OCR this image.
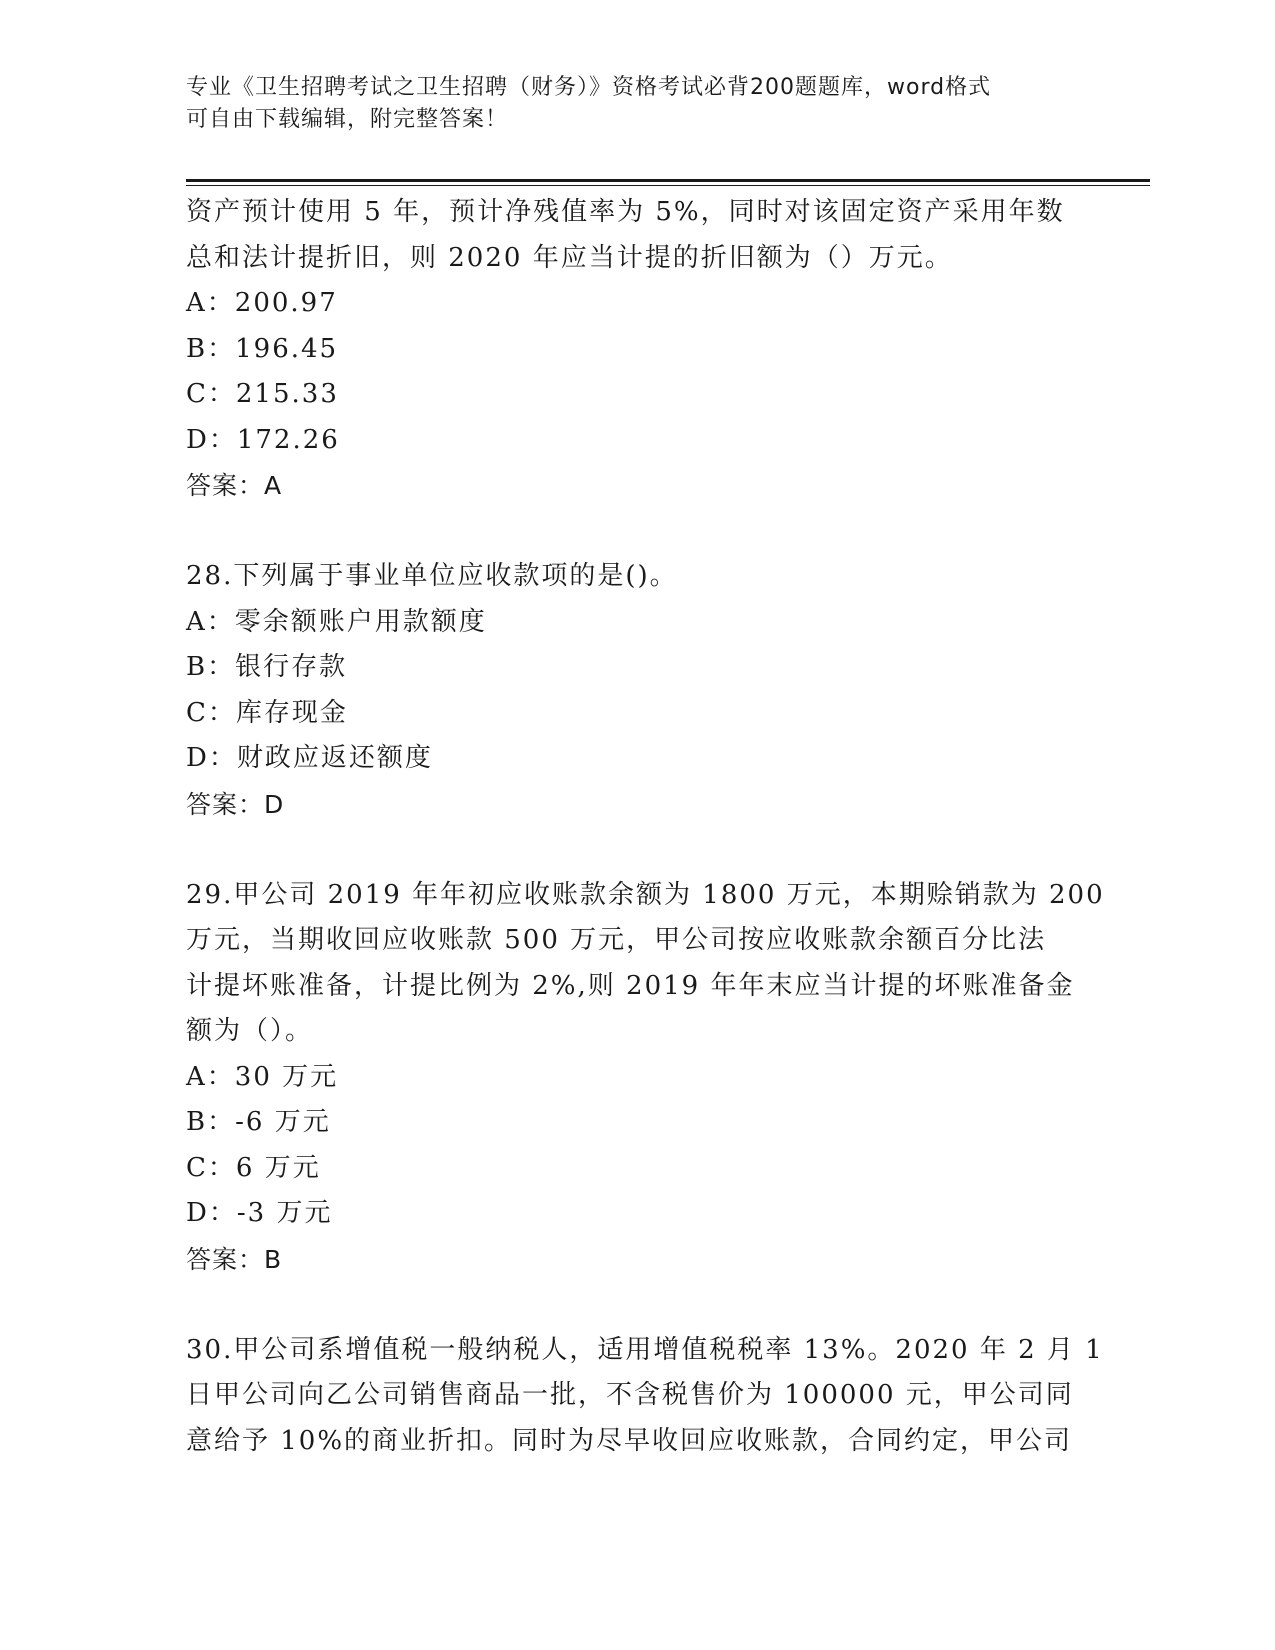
专业《卫生招聘考试之卫生招聘（财务）》资格考试必背200题题库，word格式
可自由下载编辑，附完整答案！
资产预计使用 5 年，预计净残值率为 5%，同时对该固定资产采用年数
总和法计提折旧，则 2020 年应当计提的折旧额为（）万元。
A：200.97
B：196.45
C：215.33
D：172.26
答案：A
28.下列属于事业单位应收款项的是()。
A：零余额账户用款额度
B：银行存款
C：库存现金
D：财政应返还额度
答案：D
29.甲公司 2019 年年初应收账款余额为 1800 万元，本期赊销款为 200
万元，当期收回应收账款 500 万元，甲公司按应收账款余额百分比法
计提坏账准备，计提比例为 2%,则 2019 年年末应当计提的坏账准备金
额为（）。
A：30 万元
B：-6 万元
C：6 万元
D：-3 万元
答案：B
30.甲公司系增值税一般纳税人，适用增值税税率 13%。2020 年 2 月 1
日甲公司向乙公司销售商品一批，不含税售价为 100000 元，甲公司同
意给予 10%的商业折扣。同时为尽早收回应收账款，合同约定，甲公司
